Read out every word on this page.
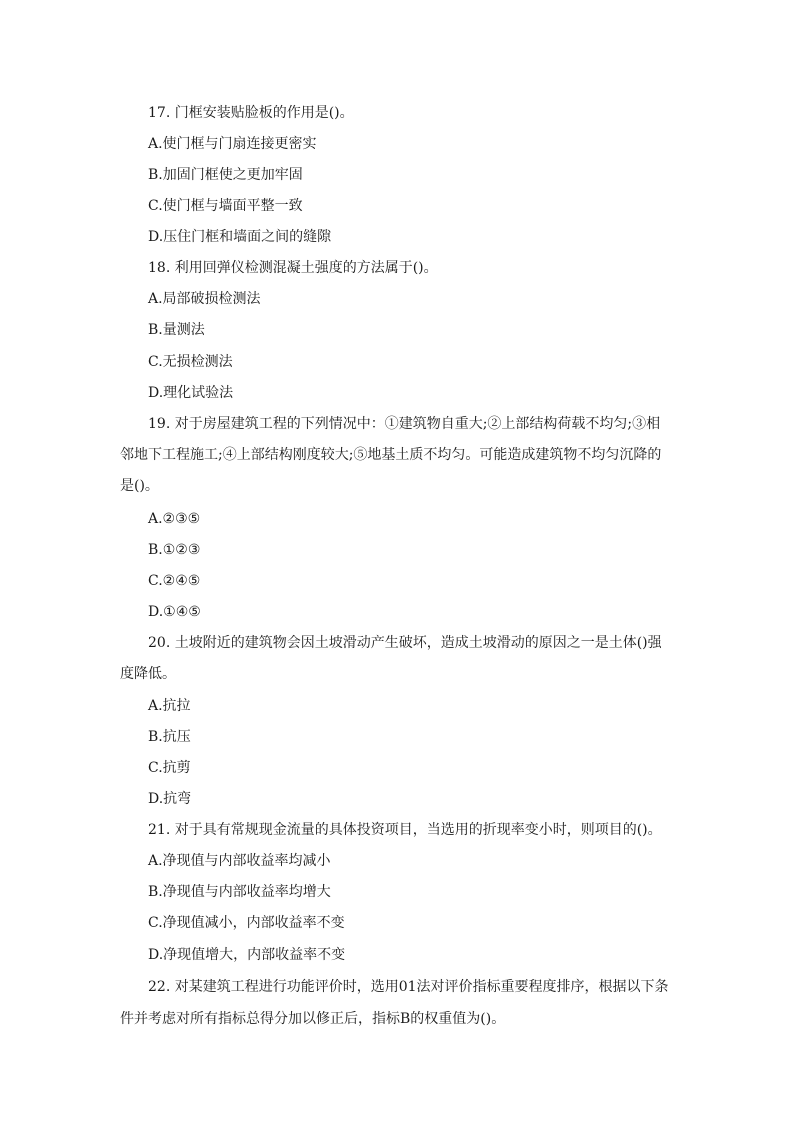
17. 门框安装贴脸板的作用是()。
A.使门框与门扇连接更密实
B.加固门框使之更加牢固
C.使门框与墙面平整一致
D.压住门框和墙面之间的缝隙
18. 利用回弹仪检测混凝土强度的方法属于()。
A.局部破损检测法
B.量测法
C.无损检测法
D.理化试验法
19. 对于房屋建筑工程的下列情况中：①建筑物自重大;②上部结构荷载不均匀;③相
邻地下工程施工;④上部结构刚度较大;⑤地基土质不均匀。可能造成建筑物不均匀沉降的
是()。
A.②③⑤
B.①②③
C.②④⑤
D.①④⑤
20. 土坡附近的建筑物会因土坡滑动产生破坏，造成土坡滑动的原因之一是土体()强
度降低。
A.抗拉
B.抗压
C.抗剪
D.抗弯
21. 对于具有常规现金流量的具体投资项目，当选用的折现率变小时，则项目的()。
A.净现值与内部收益率均减小
B.净现值与内部收益率均增大
C.净现值减小，内部收益率不变
D.净现值增大，内部收益率不变
22. 对某建筑工程进行功能评价时，选用01法对评价指标重要程度排序，根据以下条
件并考虑对所有指标总得分加以修正后，指标B的权重值为()。
